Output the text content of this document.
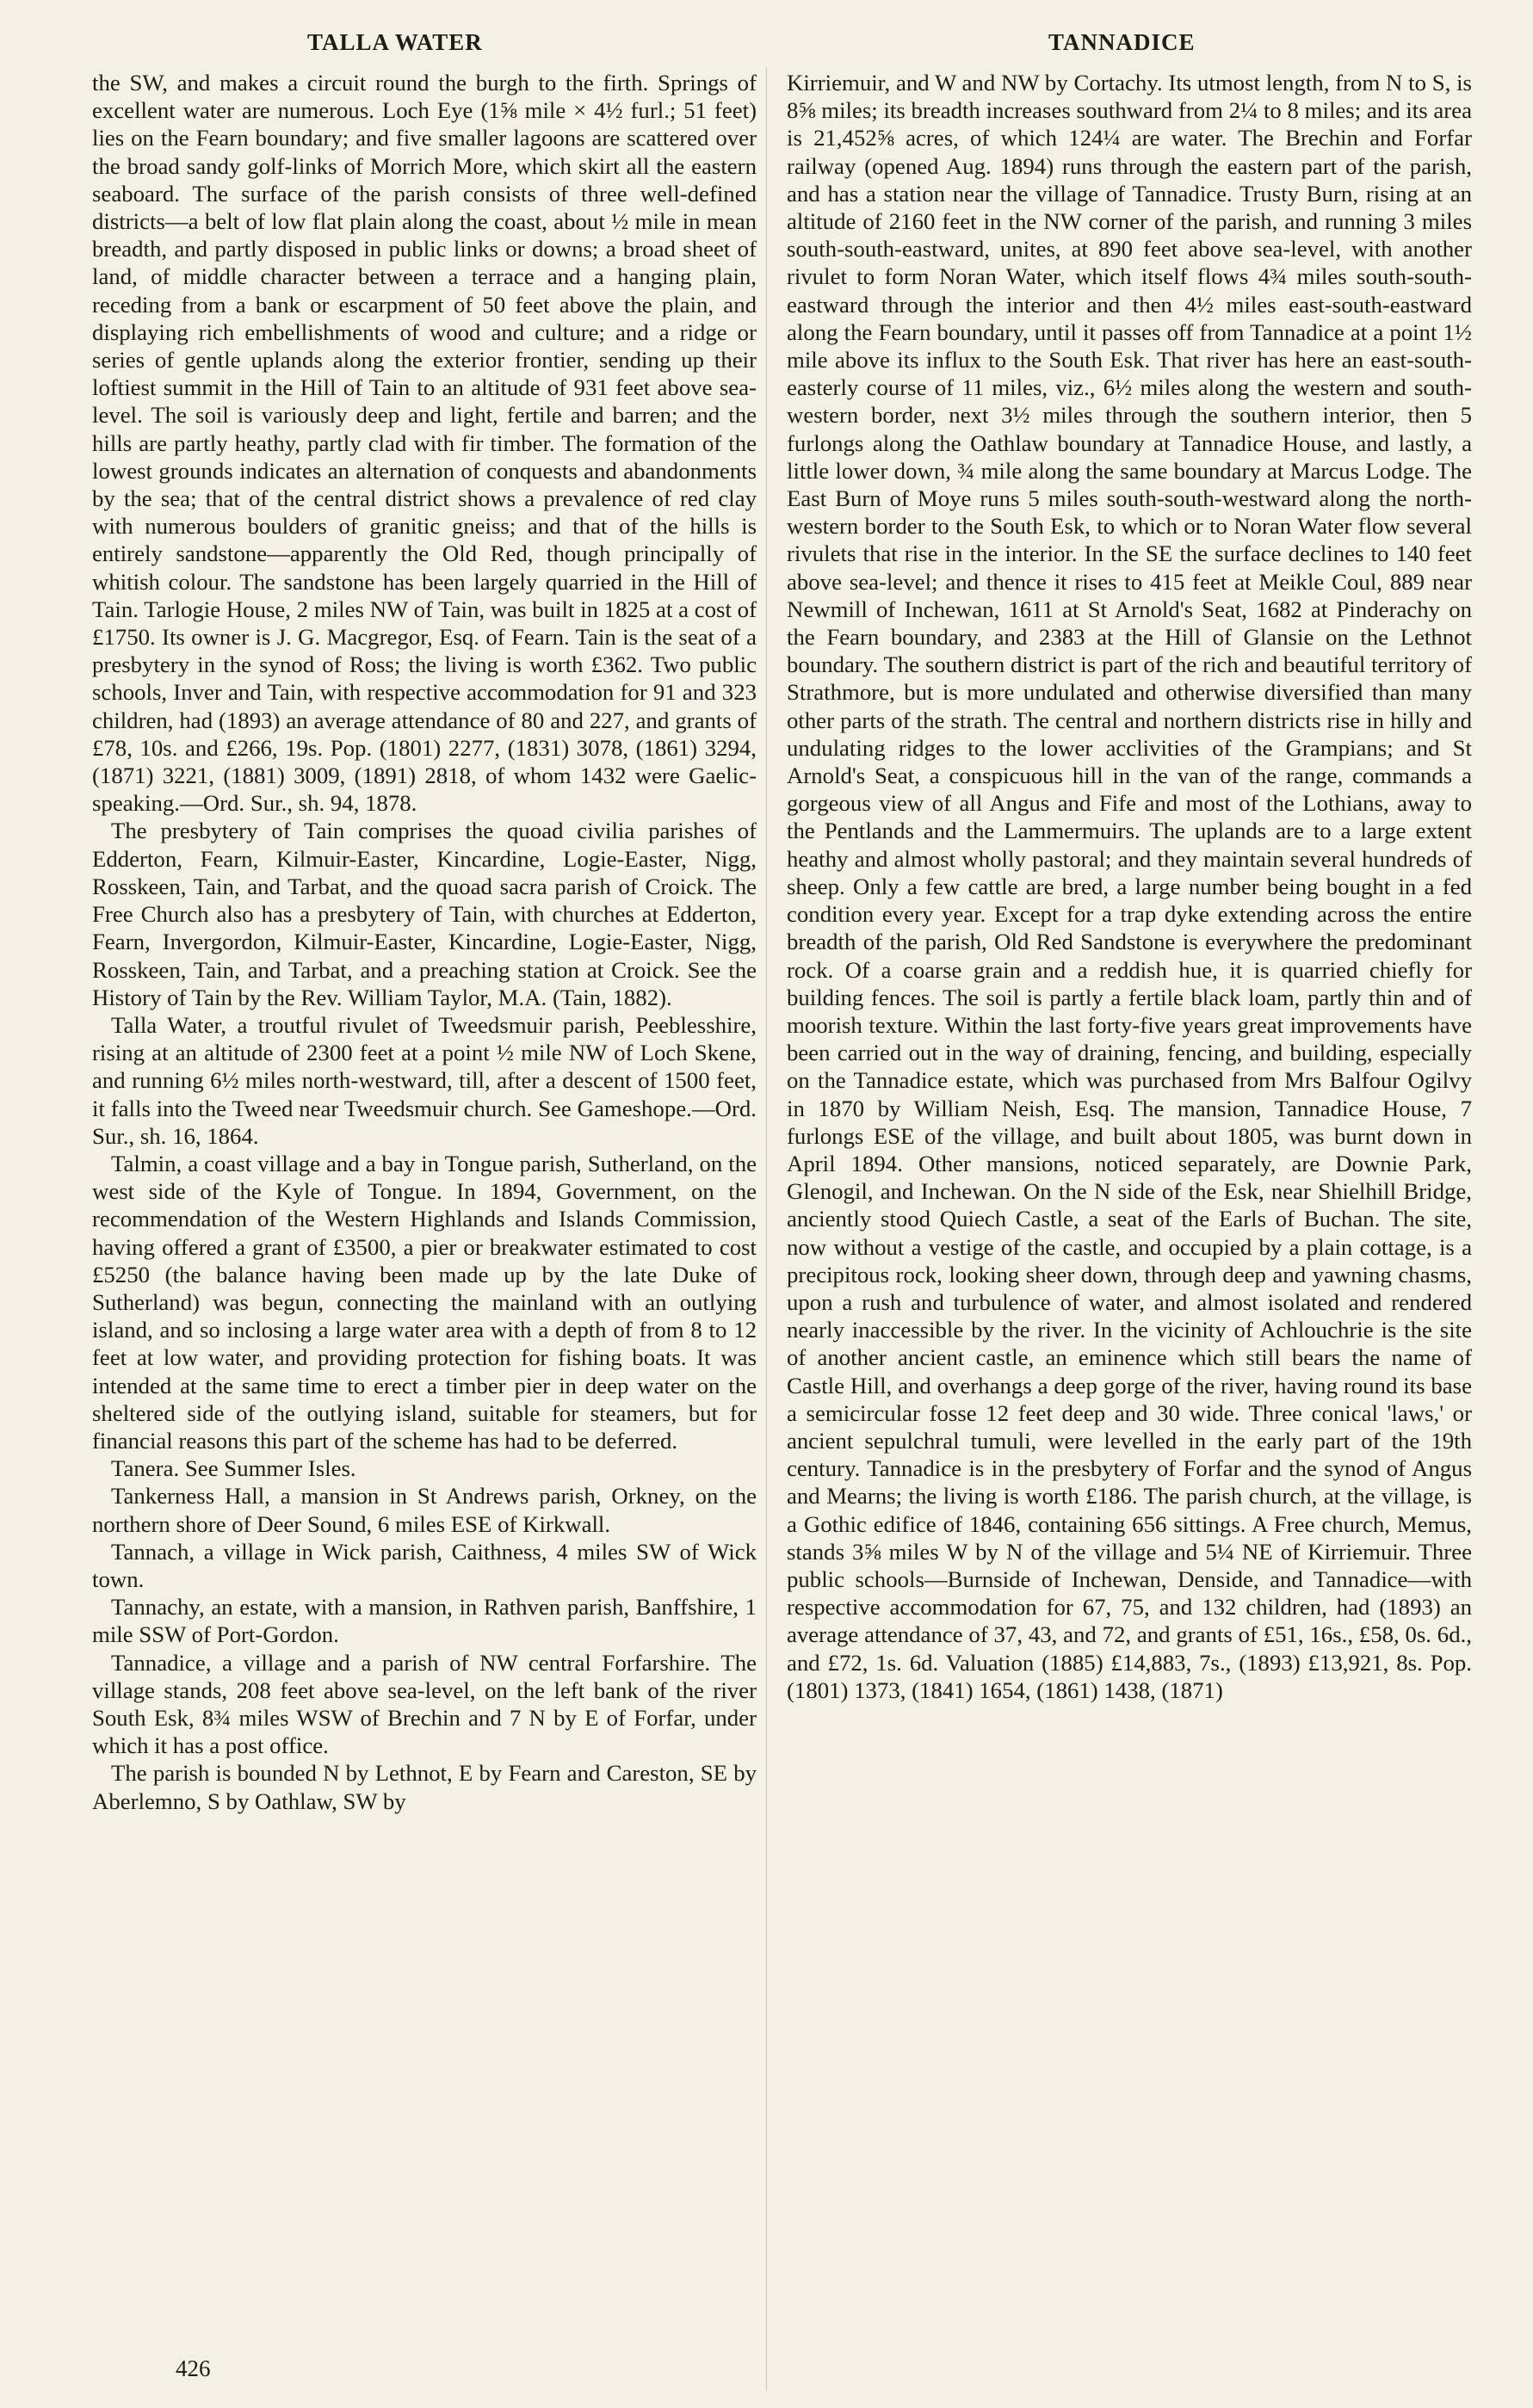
TALLA WATER	TANNADICE

the SW, and makes a circuit round the burgh to the firth. Springs of excellent water are numerous. Loch Eye (1⅝ mile × 4½ furl.; 51 feet) lies on the Fearn boundary; and five smaller lagoons are scattered over the broad sandy golf-links of Morrich More, which skirt all the eastern seaboard. The surface of the parish consists of three well-defined districts—a belt of low flat plain along the coast, about ½ mile in mean breadth, and partly disposed in public links or downs; a broad sheet of land, of middle character between a terrace and a hanging plain, receding from a bank or escarpment of 50 feet above the plain, and displaying rich embellishments of wood and culture; and a ridge or series of gentle uplands along the exterior frontier, sending up their loftiest summit in the Hill of Tain to an altitude of 931 feet above sea-level. The soil is variously deep and light, fertile and barren; and the hills are partly heathy, partly clad with fir timber. The formation of the lowest grounds indicates an alternation of conquests and abandonments by the sea; that of the central district shows a prevalence of red clay with numerous boulders of granitic gneiss; and that of the hills is entirely sandstone—apparently the Old Red, though principally of whitish colour. The sandstone has been largely quarried in the Hill of Tain. Tarlogie House, 2 miles NW of Tain, was built in 1825 at a cost of £1750. Its owner is J. G. Macgregor, Esq. of Fearn. Tain is the seat of a presbytery in the synod of Ross; the living is worth £362. Two public schools, Inver and Tain, with respective accommodation for 91 and 323 children, had (1893) an average attendance of 80 and 227, and grants of £78, 10s. and £266, 19s. Pop. (1801) 2277, (1831) 3078, (1861) 3294, (1871) 3221, (1881) 3009, (1891) 2818, of whom 1432 were Gaelic-speaking.—Ord. Sur., sh. 94, 1878.

The presbytery of Tain comprises the quoad civilia parishes of Edderton, Fearn, Kilmuir-Easter, Kincardine, Logie-Easter, Nigg, Rosskeen, Tain, and Tarbat, and the quoad sacra parish of Croick. The Free Church also has a presbytery of Tain, with churches at Edderton, Fearn, Invergordon, Kilmuir-Easter, Kincardine, Logie-Easter, Nigg, Rosskeen, Tain, and Tarbat, and a preaching station at Croick. See the History of Tain by the Rev. William Taylor, M.A. (Tain, 1882).

Talla Water, a troutful rivulet of Tweedsmuir parish, Peeblesshire, rising at an altitude of 2300 feet at a point ½ mile NW of Loch Skene, and running 6½ miles north-westward, till, after a descent of 1500 feet, it falls into the Tweed near Tweedsmuir church. See Gameshope.—Ord. Sur., sh. 16, 1864.

Talmin, a coast village and a bay in Tongue parish, Sutherland, on the west side of the Kyle of Tongue. In 1894, Government, on the recommendation of the Western Highlands and Islands Commission, having offered a grant of £3500, a pier or breakwater estimated to cost £5250 (the balance having been made up by the late Duke of Sutherland) was begun, connecting the mainland with an outlying island, and so inclosing a large water area with a depth of from 8 to 12 feet at low water, and providing protection for fishing boats. It was intended at the same time to erect a timber pier in deep water on the sheltered side of the outlying island, suitable for steamers, but for financial reasons this part of the scheme has had to be deferred.

Tanera. See Summer Isles.

Tankerness Hall, a mansion in St Andrews parish, Orkney, on the northern shore of Deer Sound, 6 miles ESE of Kirkwall.

Tannach, a village in Wick parish, Caithness, 4 miles SW of Wick town.

Tannachy, an estate, with a mansion, in Rathven parish, Banffshire, 1 mile SSW of Port-Gordon.

Tannadice, a village and a parish of NW central Forfarshire. The village stands, 208 feet above sea-level, on the left bank of the river South Esk, 8¾ miles WSW of Brechin and 7 N by E of Forfar, under which it has a post office.

The parish is bounded N by Lethnot, E by Fearn and Careston, SE by Aberlemno, S by Oathlaw, SW by

Kirriemuir, and W and NW by Cortachy. Its utmost length, from N to S, is 8⅝ miles; its breadth increases southward from 2¼ to 8 miles; and its area is 21,452⅝ acres, of which 124¼ are water. The Brechin and Forfar railway (opened Aug. 1894) runs through the eastern part of the parish, and has a station near the village of Tannadice. Trusty Burn, rising at an altitude of 2160 feet in the NW corner of the parish, and running 3 miles south-south-eastward, unites, at 890 feet above sea-level, with another rivulet to form Noran Water, which itself flows 4¾ miles south-south-eastward through the interior and then 4½ miles east-south-eastward along the Fearn boundary, until it passes off from Tannadice at a point 1½ mile above its influx to the South Esk. That river has here an east-south-easterly course of 11 miles, viz., 6½ miles along the western and south-western border, next 3½ miles through the southern interior, then 5 furlongs along the Oathlaw boundary at Tannadice House, and lastly, a little lower down, ¾ mile along the same boundary at Marcus Lodge. The East Burn of Moye runs 5 miles south-south-westward along the north-western border to the South Esk, to which or to Noran Water flow several rivulets that rise in the interior. In the SE the surface declines to 140 feet above sea-level; and thence it rises to 415 feet at Meikle Coul, 889 near Newmill of Inchewan, 1611 at St Arnold's Seat, 1682 at Pinderachy on the Fearn boundary, and 2383 at the Hill of Glansie on the Lethnot boundary. The southern district is part of the rich and beautiful territory of Strathmore, but is more undulated and otherwise diversified than many other parts of the strath. The central and northern districts rise in hilly and undulating ridges to the lower acclivities of the Grampians; and St Arnold's Seat, a conspicuous hill in the van of the range, commands a gorgeous view of all Angus and Fife and most of the Lothians, away to the Pentlands and the Lammermuirs. The uplands are to a large extent heathy and almost wholly pastoral; and they maintain several hundreds of sheep. Only a few cattle are bred, a large number being bought in a fed condition every year. Except for a trap dyke extending across the entire breadth of the parish, Old Red Sandstone is everywhere the predominant rock. Of a coarse grain and a reddish hue, it is quarried chiefly for building fences. The soil is partly a fertile black loam, partly thin and of moorish texture. Within the last forty-five years great improvements have been carried out in the way of draining, fencing, and building, especially on the Tannadice estate, which was purchased from Mrs Balfour Ogilvy in 1870 by William Neish, Esq. The mansion, Tannadice House, 7 furlongs ESE of the village, and built about 1805, was burnt down in April 1894. Other mansions, noticed separately, are Downie Park, Glenogil, and Inchewan. On the N side of the Esk, near Shielhill Bridge, anciently stood Quiech Castle, a seat of the Earls of Buchan. The site, now without a vestige of the castle, and occupied by a plain cottage, is a precipitous rock, looking sheer down, through deep and yawning chasms, upon a rush and turbulence of water, and almost isolated and rendered nearly inaccessible by the river. In the vicinity of Achlouchrie is the site of another ancient castle, an eminence which still bears the name of Castle Hill, and overhangs a deep gorge of the river, having round its base a semicircular fosse 12 feet deep and 30 wide. Three conical 'laws,' or ancient sepulchral tumuli, were levelled in the early part of the 19th century. Tannadice is in the presbytery of Forfar and the synod of Angus and Mearns; the living is worth £186. The parish church, at the village, is a Gothic edifice of 1846, containing 656 sittings. A Free church, Memus, stands 3⅝ miles W by N of the village and 5¼ NE of Kirriemuir. Three public schools—Burnside of Inchewan, Denside, and Tannadice—with respective accommodation for 67, 75, and 132 children, had (1893) an average attendance of 37, 43, and 72, and grants of £51, 16s., £58, 0s. 6d., and £72, 1s. 6d. Valuation (1885) £14,883, 7s., (1893) £13,921, 8s. Pop. (1801) 1373, (1841) 1654, (1861) 1438, (1871)

426
